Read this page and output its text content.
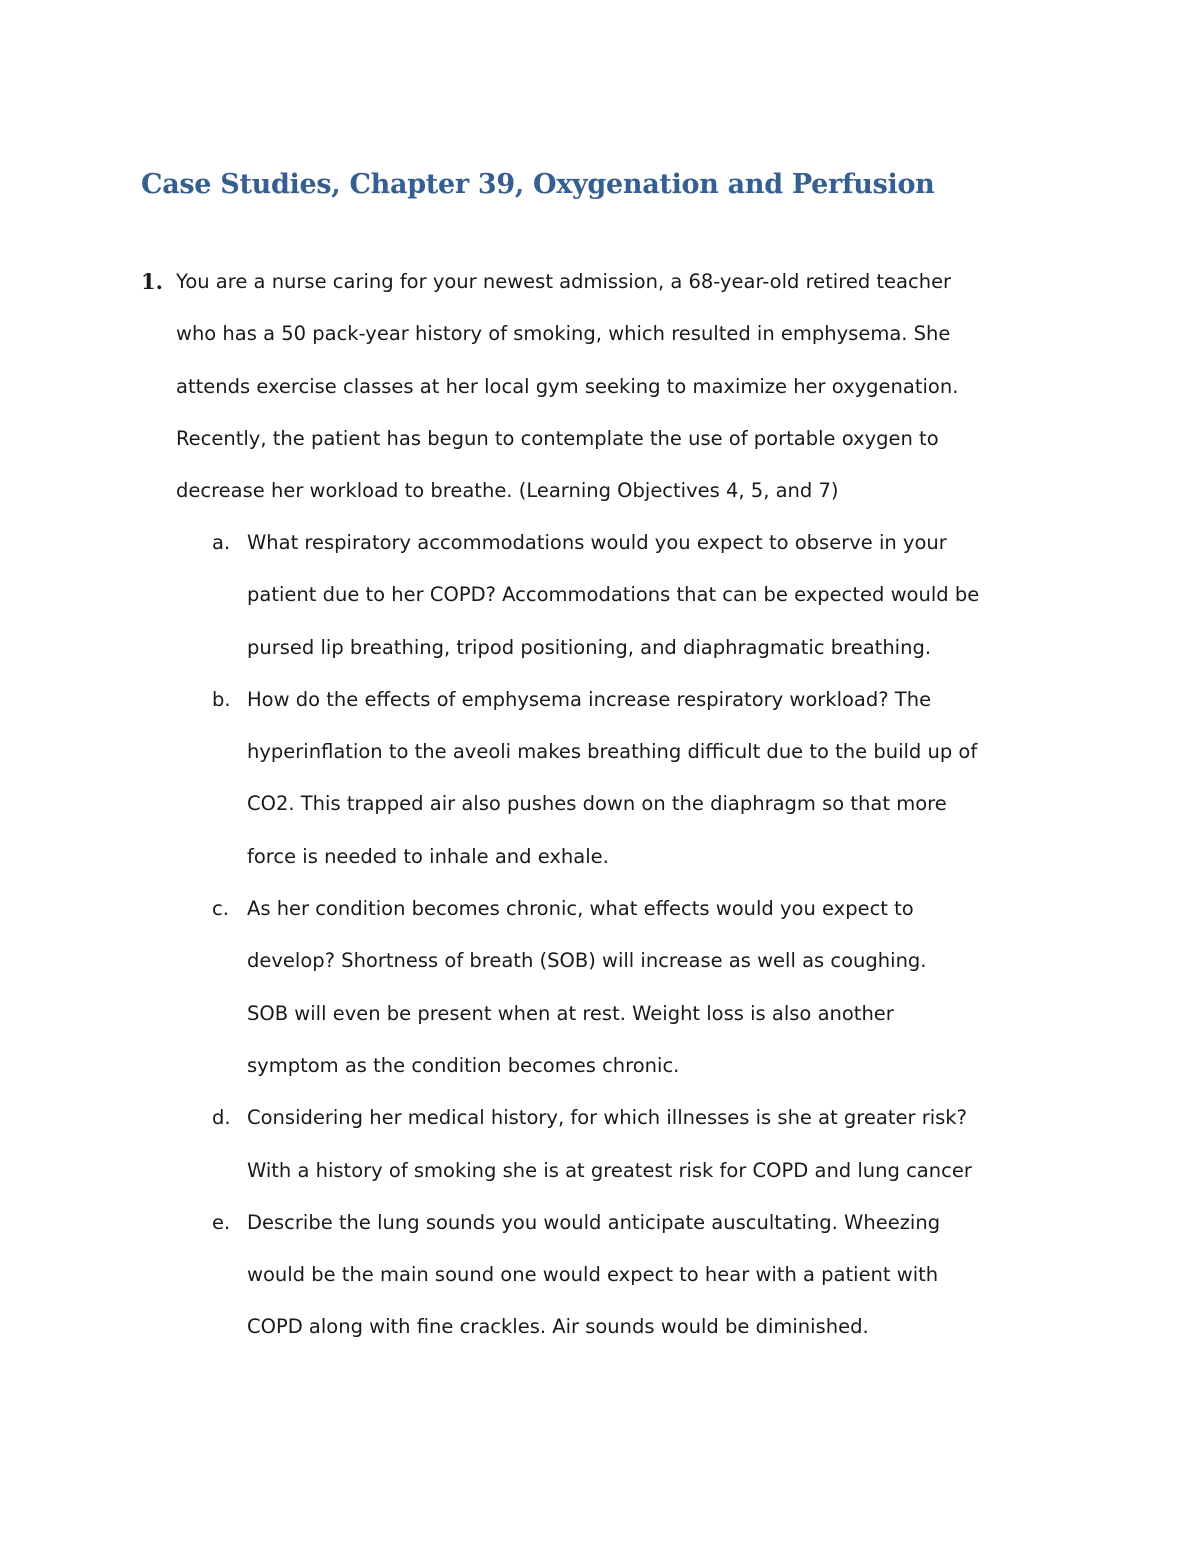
Case Studies, Chapter 39, Oxygenation and Perfusion
1. You are a nurse caring for your newest admission, a 68-year-old retired teacher
who has a 50 pack-year history of smoking, which resulted in emphysema. She
attends exercise classes at her local gym seeking to maximize her oxygenation.
Recently, the patient has begun to contemplate the use of portable oxygen to
decrease her workload to breathe. (Learning Objectives 4, 5, and 7)
a. What respiratory accommodations would you expect to observe in your
patient due to her COPD? Accommodations that can be expected would be
pursed lip breathing, tripod positioning, and diaphragmatic breathing.
b. How do the effects of emphysema increase respiratory workload? The
hyperinflation to the aveoli makes breathing difficult due to the build up of
CO2. This trapped air also pushes down on the diaphragm so that more
force is needed to inhale and exhale.
c. As her condition becomes chronic, what effects would you expect to
develop? Shortness of breath (SOB) will increase as well as coughing.
SOB will even be present when at rest. Weight loss is also another
symptom as the condition becomes chronic.
d. Considering her medical history, for which illnesses is she at greater risk?
With a history of smoking she is at greatest risk for COPD and lung cancer
e. Describe the lung sounds you would anticipate auscultating. Wheezing
would be the main sound one would expect to hear with a patient with
COPD along with fine crackles. Air sounds would be diminished.
